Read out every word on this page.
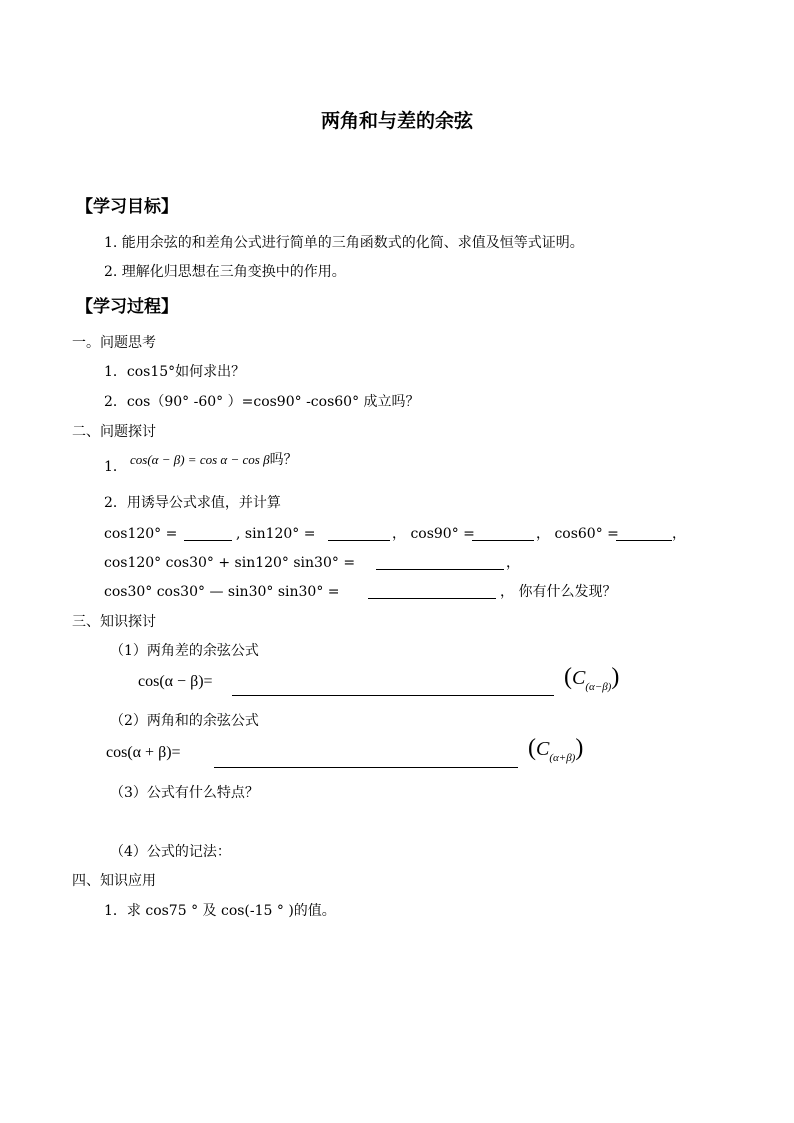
两角和与差的余弦
【学习目标】
1. 能用余弦的和差角公式进行简单的三角函数式的化简、求值及恒等式证明。
2. 理解化归思想在三角变换中的作用。
【学习过程】
一。问题思考
1．cos15°如何求出？
2．cos（90° -60° ）=cos90° -cos60° 成立吗？
二、问题探讨
1． cos(α − β) = cos α − cos β吗？
2．用诱导公式求值，并计算
cos120° =	, sin120° =	， cos90° =	， cos60° =	，
cos120° cos30° + sin120° sin30° =	，
cos30° cos30° — sin30° sin30° =	， 你有什么发现？
三、知识探讨
（1）两角差的余弦公式
cos(α − β)=	$(C_{(\alpha-\beta)})$
（2）两角和的余弦公式
cos(α + β)=	$(C_{(\alpha+\beta)})$
（3）公式有什么特点？
（4）公式的记法：
四、知识应用
1．求 cos75 ° 及 cos(-15 ° )的值。
